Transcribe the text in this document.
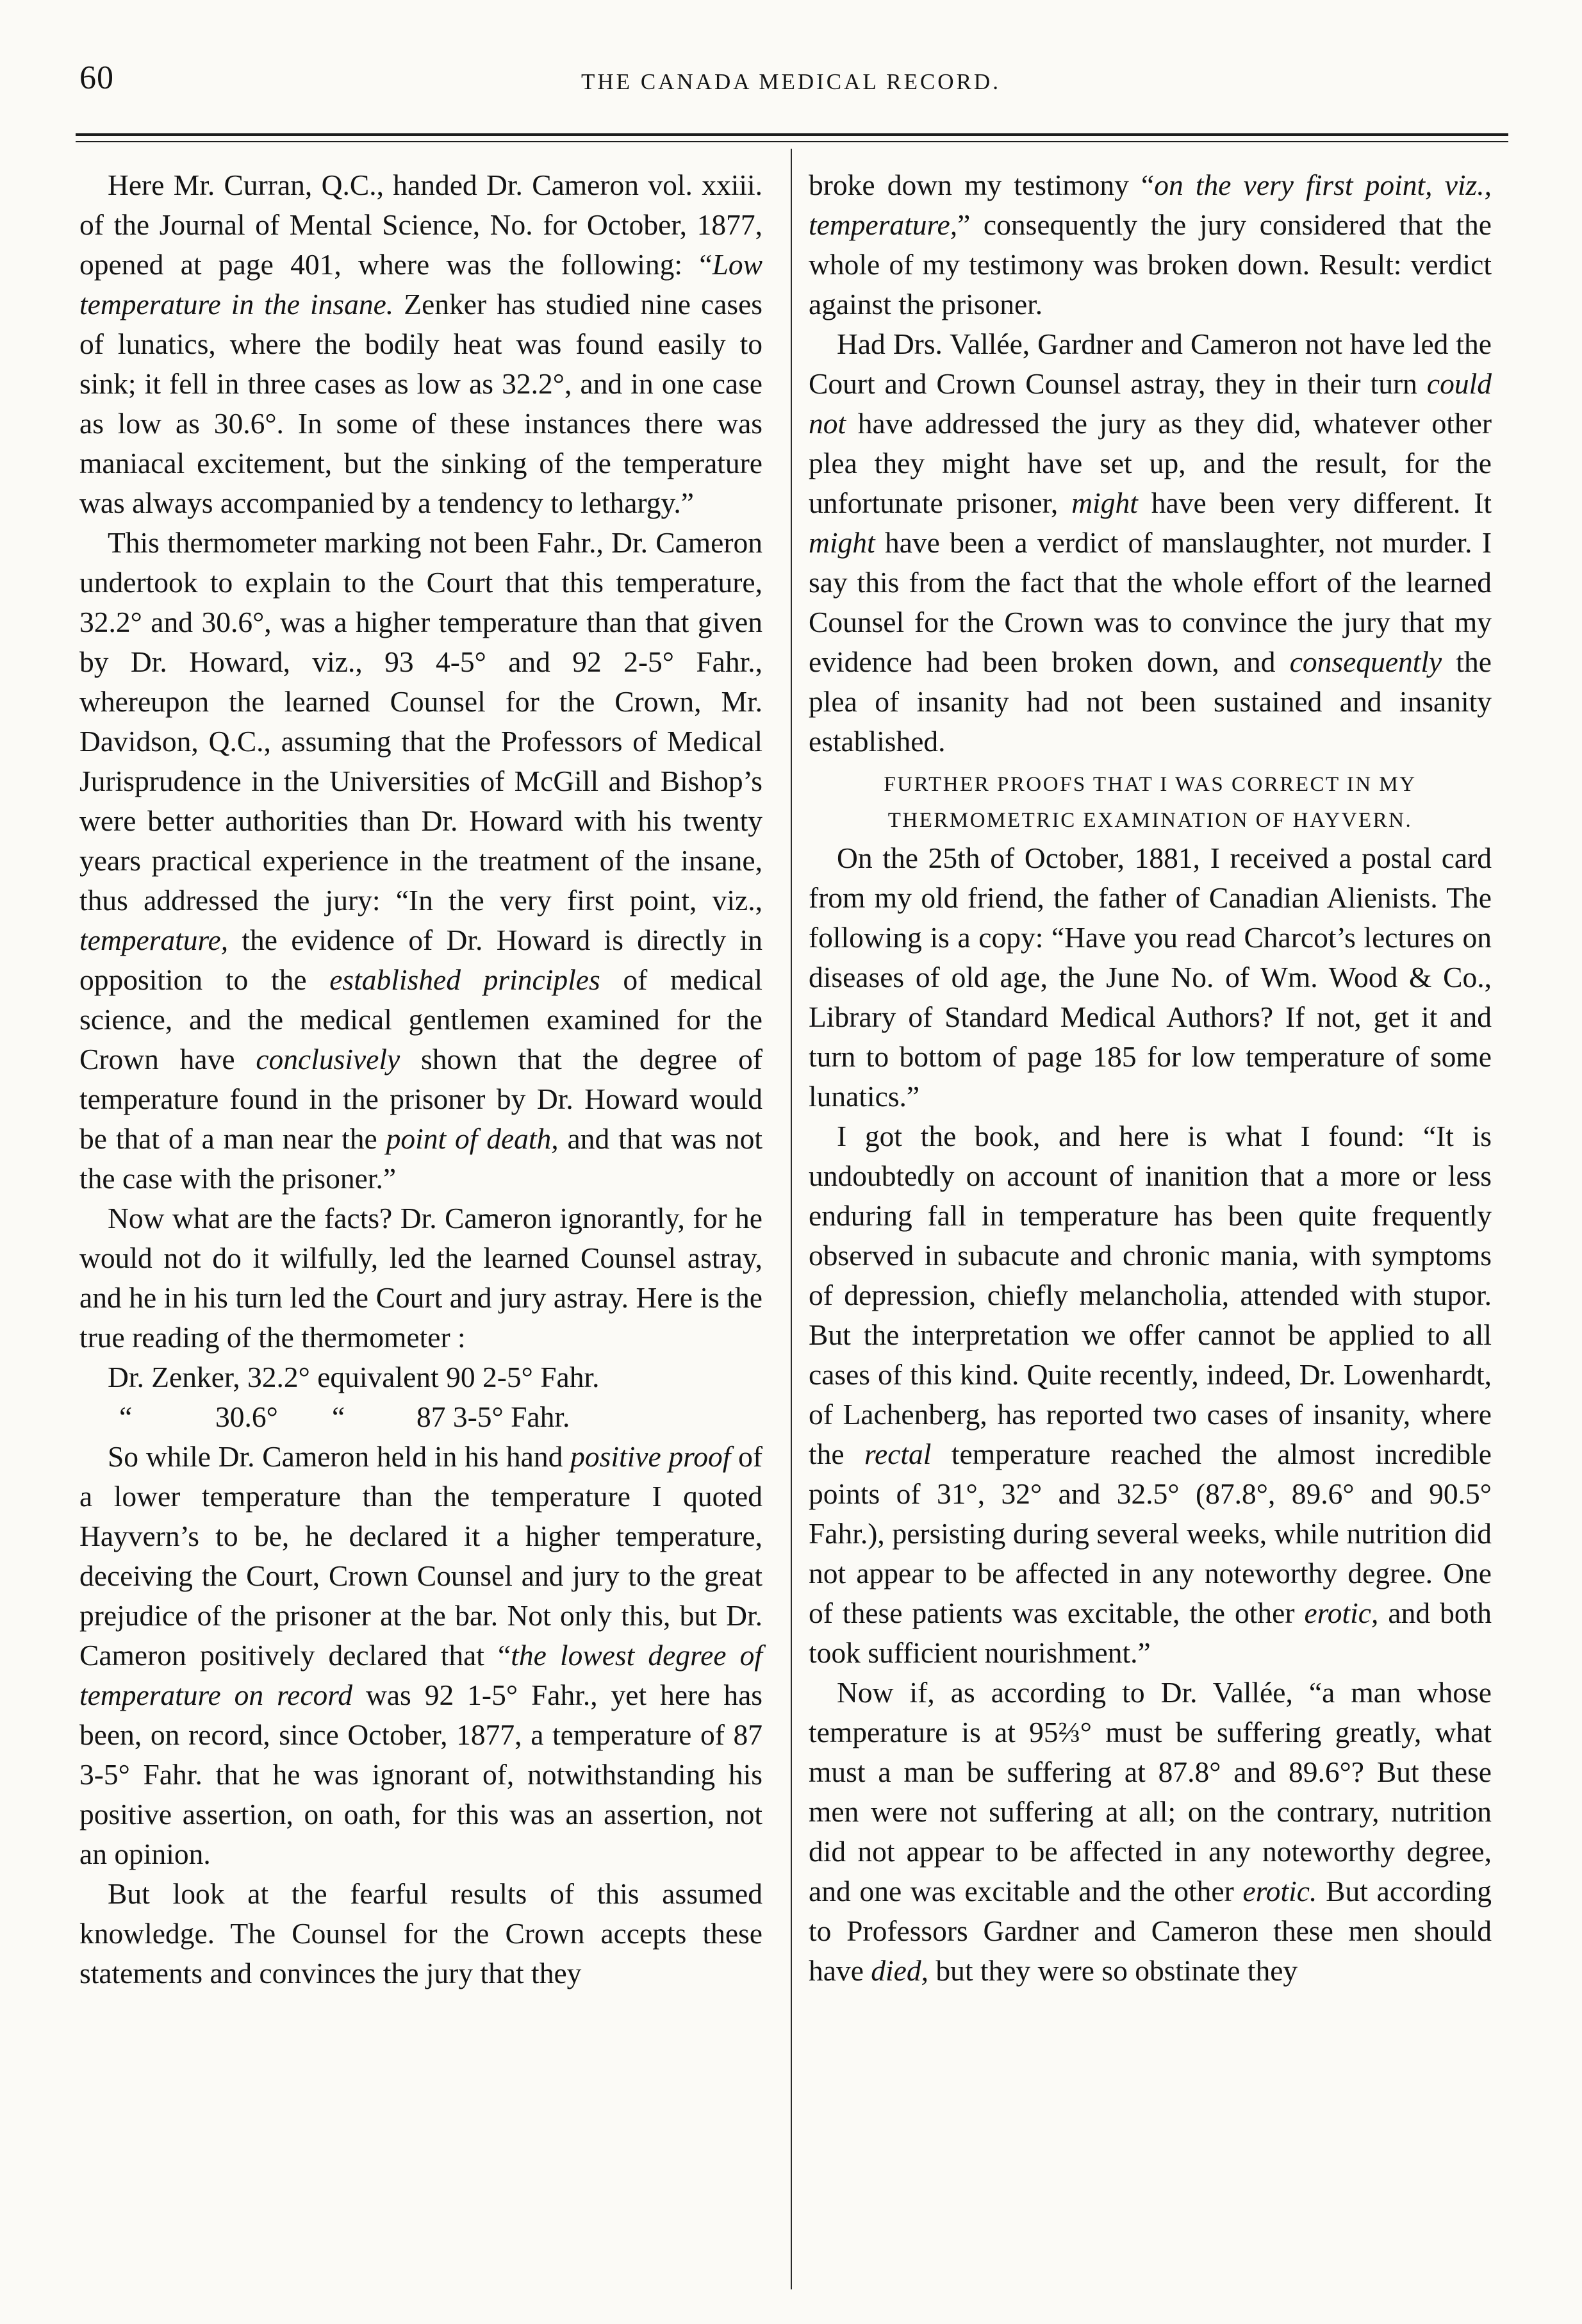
60	THE CANADA MEDICAL RECORD.

Here Mr. Curran, Q.C., handed Dr. Cameron vol. xxiii. of the Journal of Mental Science, No. for October, 1877, opened at page 401, where was the following: “Low temperature in the insane. Zenker has studied nine cases of lunatics, where the bodily heat was found easily to sink; it fell in three cases as low as 32.2°, and in one case as low as 30.6°. In some of these instances there was maniacal excitement, but the sinking of the temperature was always accompanied by a tendency to lethargy.”

This thermometer marking not been Fahr., Dr. Cameron undertook to explain to the Court that this temperature, 32.2° and 30.6°, was a higher temperature than that given by Dr. Howard, viz., 93 4-5° and 92 2-5° Fahr., whereupon the learned Counsel for the Crown, Mr. Davidson, Q.C., assuming that the Professors of Medical Jurisprudence in the Universities of McGill and Bishop’s were better authorities than Dr. Howard with his twenty years practical experience in the treatment of the insane, thus addressed the jury: “In the very first point, viz., temperature, the evidence of Dr. Howard is directly in opposition to the established principles of medical science, and the medical gentlemen examined for the Crown have conclusively shown that the degree of temperature found in the prisoner by Dr. Howard would be that of a man near the point of death, and that was not the case with the prisoner.”

Now what are the facts? Dr. Cameron ignorantly, for he would not do it wilfully, led the learned Counsel astray, and he in his turn led the Court and jury astray. Here is the true reading of the thermometer :

Dr. Zenker, 32.2° equivalent 90 2-5° Fahr.
“	30.6° “ 87 3-5° Fahr.

So while Dr. Cameron held in his hand positive proof of a lower temperature than the temperature I quoted Hayvern’s to be, he declared it a higher temperature, deceiving the Court, Crown Counsel and jury to the great prejudice of the prisoner at the bar. Not only this, but Dr. Cameron positively declared that “the lowest degree of temperature on record was 92 1-5° Fahr., yet here has been, on record, since October, 1877, a temperature of 87 3-5° Fahr. that he was ignorant of, notwithstanding his positive assertion, on oath, for this was an assertion, not an opinion.

But look at the fearful results of this assumed knowledge. The Counsel for the Crown accepts these statements and convinces the jury that they

broke down my testimony “on the very first point, viz., temperature,” consequently the jury considered that the whole of my testimony was broken down. Result: verdict against the prisoner.

Had Drs. Vallée, Gardner and Cameron not have led the Court and Crown Counsel astray, they in their turn could not have addressed the jury as they did, whatever other plea they might have set up, and the result, for the unfortunate prisoner, might have been very different. It might have been a verdict of manslaughter, not murder. I say this from the fact that the whole effort of the learned Counsel for the Crown was to convince the jury that my evidence had been broken down, and consequently the plea of insanity had not been sustained and insanity established.

FURTHER PROOFS THAT I WAS CORRECT IN MY
THERMOMETRIC EXAMINATION OF HAYVERN.

On the 25th of October, 1881, I received a postal card from my old friend, the father of Canadian Alienists. The following is a copy: “Have you read Charcot’s lectures on diseases of old age, the June No. of Wm. Wood & Co., Library of Standard Medical Authors? If not, get it and turn to bottom of page 185 for low temperature of some lunatics.”

I got the book, and here is what I found: “It is undoubtedly on account of inanition that a more or less enduring fall in temperature has been quite frequently observed in subacute and chronic mania, with symptoms of depression, chiefly melancholia, attended with stupor. But the interpretation we offer cannot be applied to all cases of this kind. Quite recently, indeed, Dr. Lowenhardt, of Lachenberg, has reported two cases of insanity, where the rectal temperature reached the almost incredible points of 31°, 32° and 32.5° (87.8°, 89.6° and 90.5° Fahr.), persisting during several weeks, while nutrition did not appear to be affected in any noteworthy degree. One of these patients was excitable, the other erotic, and both took sufficient nourishment.”

Now if, as according to Dr. Vallée, “a man whose temperature is at 95⅔° must be suffering greatly, what must a man be suffering at 87.8° and 89.6°? But these men were not suffering at all; on the contrary, nutrition did not appear to be affected in any noteworthy degree, and one was excitable and the other erotic. But according to Professors Gardner and Cameron these men should have died, but they were so obstinate they
